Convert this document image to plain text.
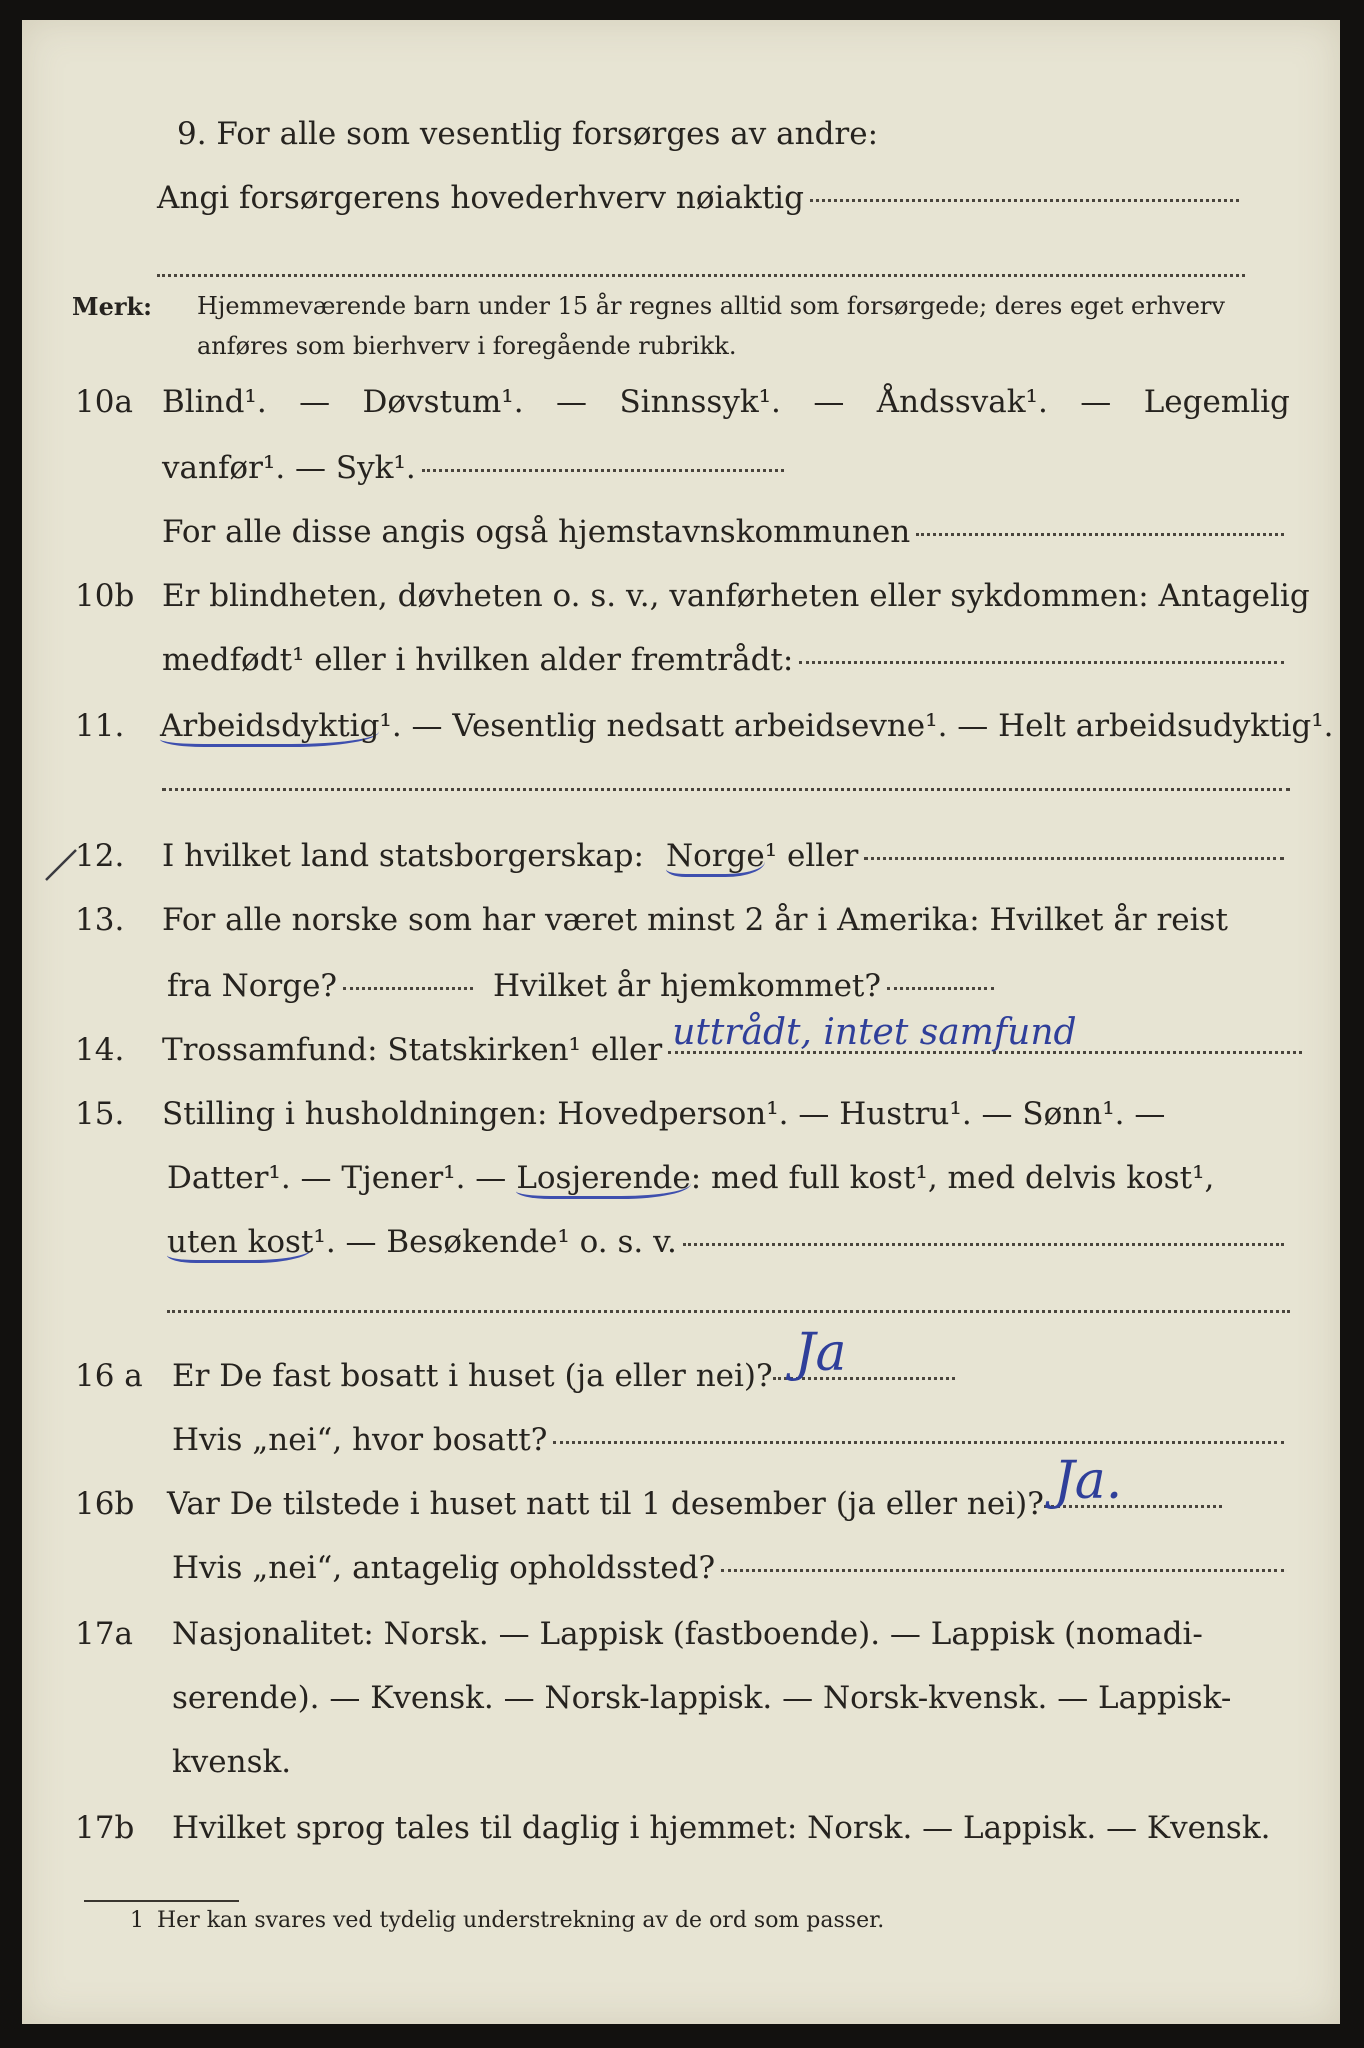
9. For alle som vesentlig forsørges av andre:
Angi forsørgerens hovederhverv nøiaktig
Merk: Hjemmeværende barn under 15 år regnes alltid som forsørgede; deres eget erhverv
anføres som bierhverv i foregående rubrikk.
10a Blind¹. — Døvstum¹. — Sinnssyk¹. — Åndssvak¹. — Legemlig
vanfør¹. — Syk¹.
For alle disse angis også hjemstavnskommunen
10b Er blindheten, døvheten o. s. v., vanførheten eller sykdommen: Antagelig
medfødt¹ eller i hvilken alder fremtrådt:
11.	Arbeidsdyktig ¹. — Vesentlig nedsatt arbeidsevne¹. — Helt arbeidsudyktig¹.
12.	I hvilket land statsborgerskap: Norge ¹ eller
13.	For alle norske som har været minst 2 år i Amerika: Hvilket år reist
fra Norge?	Hvilket år hjemkommet?
14.	Trossamfund: Statskirken¹ eller uttrådt, intet samfund
15.	Stilling i husholdningen: Hovedperson¹. — Hustru¹. — Sønn¹. —
Datter¹. — Tjener¹. — Losjerende : med full kost¹, med delvis kost¹,
uten kost ¹. — Besøkende¹ o. s. v.
16 a Er De fast bosatt i huset (ja eller nei)? Ja
Hvis „nei“, hvor bosatt?
16b	Var De tilstede i huset natt til 1 desember (ja eller nei)? Ja.
Hvis „nei“, antagelig opholdssted?
17a	Nasjonalitet: Norsk. — Lappisk (fastboende). — Lappisk (nomadi-
serende). — Kvensk. — Norsk-lappisk. — Norsk-kvensk. — Lappisk-
kvensk.
17b	Hvilket sprog tales til daglig i hjemmet: Norsk. — Lappisk. — Kvensk.
1 Her kan svares ved tydelig understrekning av de ord som passer.
